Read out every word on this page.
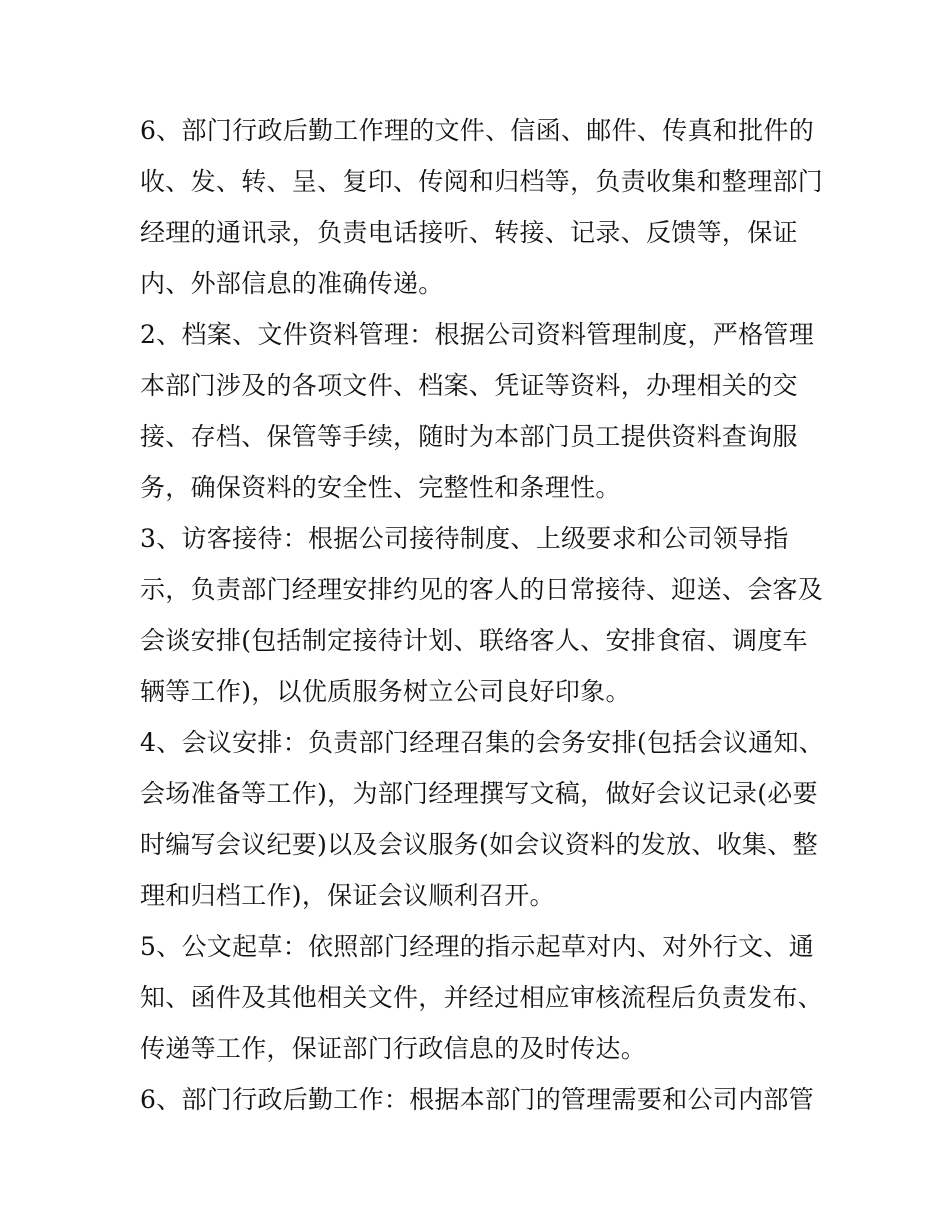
6、部门行政后勤工作理的文件、信函、邮件、传真和批件的
收、发、转、呈、复印、传阅和归档等，负责收集和整理部门
经理的通讯录，负责电话接听、转接、记录、反馈等，保证
内、外部信息的准确传递。
2、档案、文件资料管理：根据公司资料管理制度，严格管理
本部门涉及的各项文件、档案、凭证等资料，办理相关的交
接、存档、保管等手续，随时为本部门员工提供资料查询服
务，确保资料的安全性、完整性和条理性。
3、访客接待：根据公司接待制度、上级要求和公司领导指
示，负责部门经理安排约见的客人的日常接待、迎送、会客及
会谈安排(包括制定接待计划、联络客人、安排食宿、调度车
辆等工作)，以优质服务树立公司良好印象。
4、会议安排：负责部门经理召集的会务安排(包括会议通知、
会场准备等工作)，为部门经理撰写文稿，做好会议记录(必要
时编写会议纪要)以及会议服务(如会议资料的发放、收集、整
理和归档工作)，保证会议顺利召开。
5、公文起草：依照部门经理的指示起草对内、对外行文、通
知、函件及其他相关文件，并经过相应审核流程后负责发布、
传递等工作，保证部门行政信息的及时传达。
6、部门行政后勤工作：根据本部门的管理需要和公司内部管
